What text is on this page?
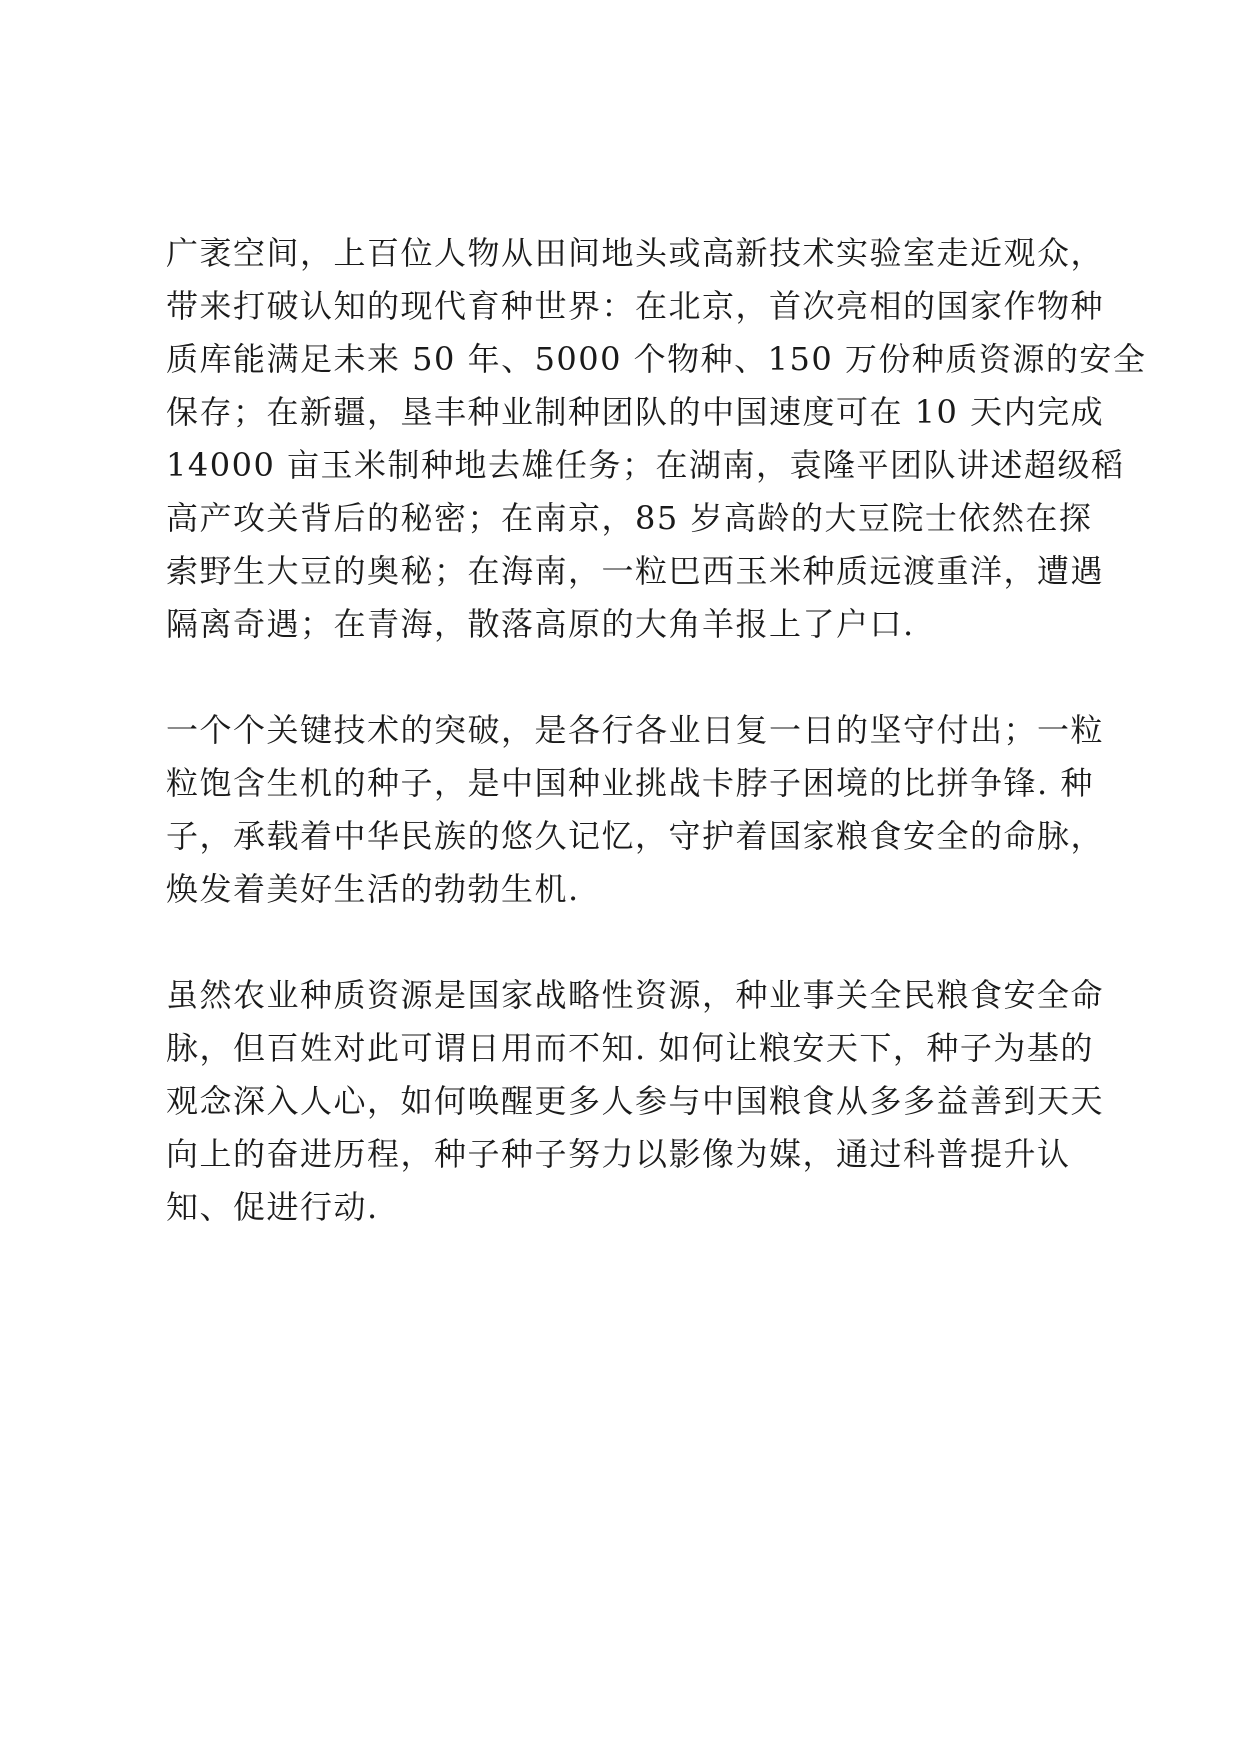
广袤空间，上百位人物从田间地头或高新技术实验室走近观众，
带来打破认知的现代育种世界：在北京，首次亮相的国家作物种
质库能满足未来 50 年、5000 个物种、150 万份种质资源的安全
保存；在新疆，垦丰种业制种团队的中国速度可在 10 天内完成
14000 亩玉米制种地去雄任务；在湖南，袁隆平团队讲述超级稻
高产攻关背后的秘密；在南京，85 岁高龄的大豆院士依然在探
索野生大豆的奥秘；在海南，一粒巴西玉米种质远渡重洋，遭遇
隔离奇遇；在青海，散落高原的大角羊报上了户口.

一个个关键技术的突破，是各行各业日复一日的坚守付出；一粒
粒饱含生机的种子，是中国种业挑战卡脖子困境的比拼争锋. 种
子，承载着中华民族的悠久记忆，守护着国家粮食安全的命脉，
焕发着美好生活的勃勃生机.

虽然农业种质资源是国家战略性资源，种业事关全民粮食安全命
脉，但百姓对此可谓日用而不知. 如何让粮安天下，种子为基的
观念深入人心，如何唤醒更多人参与中国粮食从多多益善到天天
向上的奋进历程，种子种子努力以影像为媒，通过科普提升认
知、促进行动.
